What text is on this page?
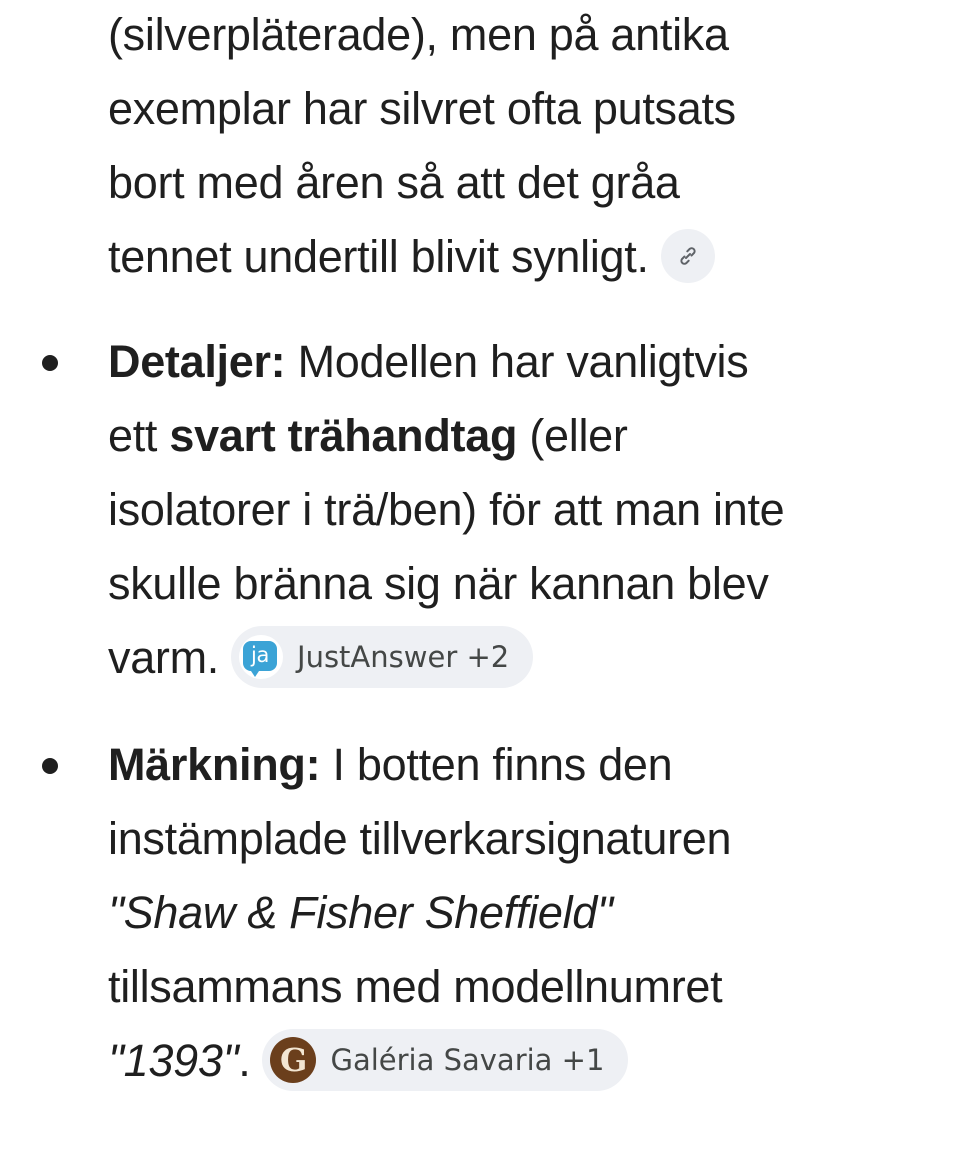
(silverpläterade), men på antika
exemplar har silvret ofta putsats
bort med åren så att det gråa
tennet undertill blivit synligt.
Detaljer: Modellen har vanligtvis
ett svart trähandtag (eller
isolatorer i trä/ben) för att man inte
skulle bränna sig när kannan blev
varm.	ja JustAnswer +2
Märkning: I botten finns den
instämplade tillverkarsignaturen
"Shaw & Fisher Sheffield"
tillsammans med modellnumret
"1393". G Galéria Savaria +1
